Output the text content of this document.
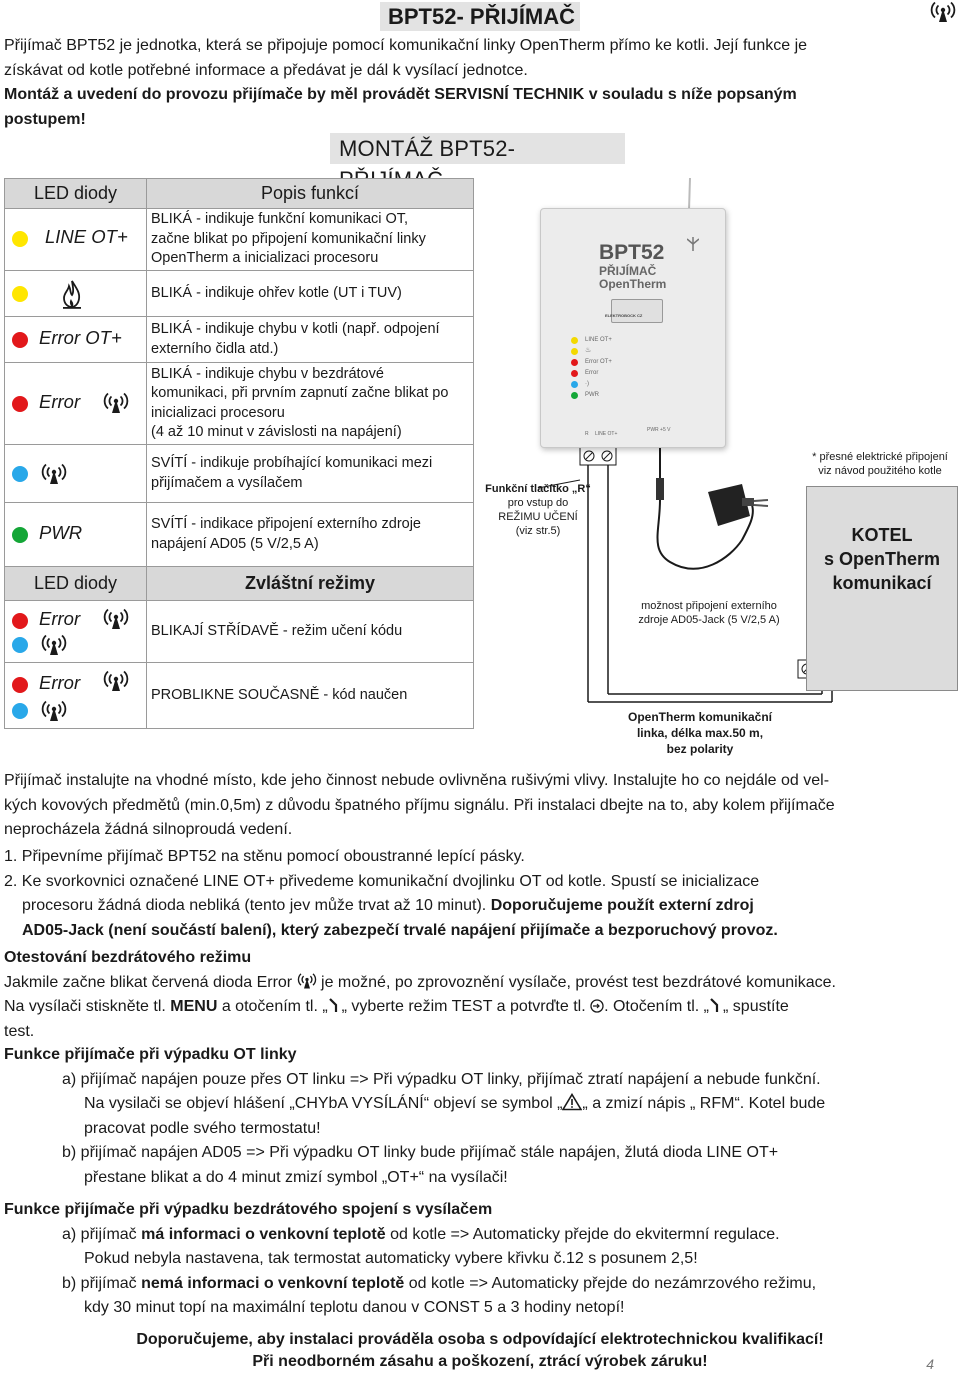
BPT52- PŘIJÍMAČ
Přijímač BPT52 je jednotka, která se připojuje pomocí komunikační linky OpenTherm přímo ke kotli. Její funkce je
získávat od kotle potřebné informace a předávat je dál k vysílací jednotce.
Montáž a uvedení do provozu přijímače by měl provádět SERVISNÍ TECHNIK v souladu s níže popsaným
postupem!
MONTÁŽ BPT52-
LED diody	Popis funkcí

LINE OT+	BLIKÁ - indikuje funkční komunikaci OT,
začne blikat po připojení komunikační linky
OpenTherm a inicializaci procesoru

	BLIKÁ - indikuje ohřev kotle (UT i TUV)

Error OT+	BLIKÁ - indikuje chybu v kotli (např. odpojení
externího čidla atd.)

Error	BLIKÁ - indikuje chybu v bezdrátové
komunikaci, při prvním zapnutí začne blikat po
inicializaci procesoru
(4 až 10 minut v závislosti na napájení)

SVÍTÍ - indikuje probíhající komunikaci mezi
přijímačem a vysílačem

PWR	SVÍTÍ - indikace připojení externího zdroje
napájení AD05 (5 V/2,5 A)

LED diody	Zvláštní režimy

Error	BLIKAJÍ STŘÍDAVĚ - režim učení kódu

Error	PROBLIKNE SOUČASNĚ - kód naučen
BPT52
PŘIJÍMAČ
OpenTherm
ELEKTROBOCK CZ
LINE OT+
♨
Error OT+
Error
·)
PWR
R LINE OT+
PWR +5 V
Funkční tlačítko „R“
pro vstup do
REŽIMU UČENÍ
(viz str.5)
možnost připojení externího
zdroje AD05-Jack (5 V/2,5 A)
* přesné elektrické připojení
viz návod použitého kotle
OpenTherm komunikační
linka, délka max.50 m,
bez polarity
KOTEL
s OpenTherm
komunikací
Přijímač instalujte na vhodné místo, kde jeho činnost nebude ovlivněna rušivými vlivy. Instalujte ho co nejdále od vel-
kých kovových předmětů (min.0,5m) z důvodu špatného příjmu signálu. Při instalaci dbejte na to, aby kolem přijímače
neprocházela žádná silnoproudá vedení.
1. Připevníme přijímač BPT52 na stěnu pomocí oboustranné lepící pásky.
2. Ke svorkovnici označené LINE OT+ přivedeme komunikační dvojlinku OT od kotle. Spustí se inicializace
procesoru žádná dioda nebliká (tento jev může trvat až 10 minut). Doporučujeme použít externí zdroj
AD05-Jack (není součástí balení), který zabezpečí trvalé napájení přijímače a bezporuchový provoz.
Otestování bezdrátového režimu
Jakmile začne blikat červená dioda Error  je možné, po zprovoznění vysílače, provést test bezdrátové komunikace.
Na vysílači stiskněte tl. MENU a otočením tl. „ „ vyberte režim TEST a potvrďte tl. . Otočením tl. „ „ spustíte
test.
Funkce přijímače při výpadku OT linky
a) přijímač napájen pouze přes OT linku => Při výpadku OT linky, přijímač ztratí napájení a nebude funkční.
Na vysilači se objeví hlášení „CHYbA VYSÍLÁNÍ“ objeví se symbol „ „ a zmizí nápis „ RFM“. Kotel bude
pracovat podle svého termostatu!
b) přijímač napájen AD05 => Při výpadku OT linky bude přijímač stále napájen, žlutá dioda LINE OT+
přestane blikat a do 4 minut zmizí symbol „OT+“ na vysílači!
Funkce přijímače při výpadku bezdrátového spojení s vysílačem
a) přijímač má informaci o venkovní teplotě od kotle => Automaticky přejde do ekvitermní regulace.
Pokud nebyla nastavena, tak termostat automaticky vybere křivku č.12 s posunem 2,5!
b) přijímač nemá informaci o venkovní teplotě od kotle => Automaticky přejde do nezámrzového režimu,
kdy 30 minut topí na maximální teplotu danou v CONST 5 a 3 hodiny netopí!
Doporučujeme, aby instalaci prováděla osoba s odpovídající elektrotechnickou kvalifikací!
Při neodborném zásahu a poškození, ztrácí výrobek záruku!	4
